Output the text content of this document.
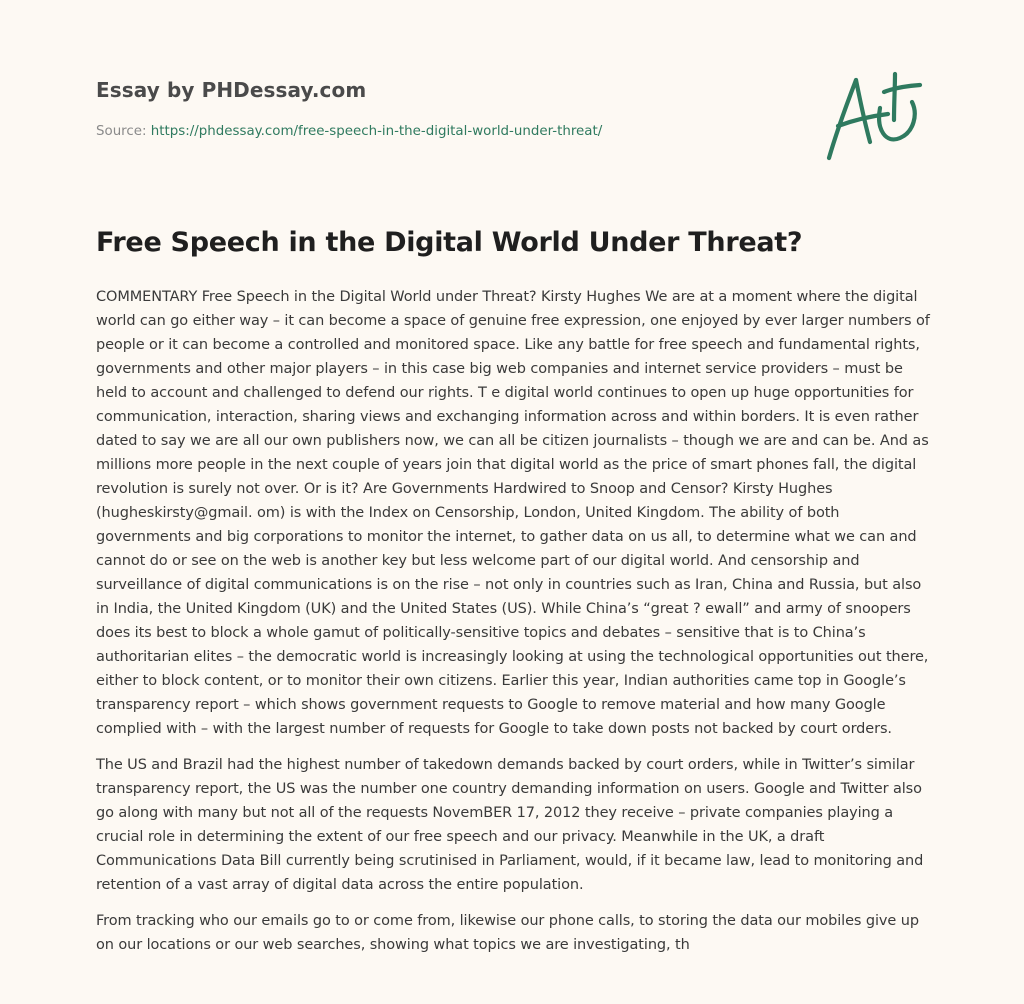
Essay by PHDessay.com
Source: https://phdessay.com/free-speech-in-the-digital-world-under-threat/
Free Speech in the Digital World Under Threat?

COMMENTARY Free Speech in the Digital World under Threat? Kirsty Hughes We are at a moment where the digital world can go either way – it can become a space of genuine free expression, one enjoyed by ever larger numbers of people or it can become a controlled and monitored space. Like any battle for free speech and fundamental rights, governments and other major players – in this case big web companies and internet service providers – must be held to account and challenged to defend our rights. T e digital world continues to open up huge opportunities for communication, interaction, sharing views and exchanging information across and within borders. It is even rather dated to say we are all our own publishers now, we can all be citizen journalists – though we are and can be. And as millions more people in the next couple of years join that digital world as the price of smart phones fall, the digital revolution is surely not over. Or is it? Are Governments Hardwired to Snoop and Censor? Kirsty Hughes (hugheskirsty@gmail. om) is with the Index on Censorship, London, United Kingdom. The ability of both governments and big corporations to monitor the internet, to gather data on us all, to determine what we can and cannot do or see on the web is another key but less welcome part of our digital world. And censorship and surveillance of digital communications is on the rise – not only in countries such as Iran, China and Russia, but also in India, the United Kingdom (UK) and the United States (US). While China’s “great ? ewall” and army of snoopers does its best to block a whole gamut of politically-sensitive topics and debates – sensitive that is to China’s authoritarian elites – the democratic world is increasingly looking at using the technological opportunities out there, either to block content, or to monitor their own citizens. Earlier this year, Indian authorities came top in Google’s transparency report – which shows government requests to Google to remove material and how many Google complied with – with the largest number of requests for Google to take down posts not backed by court orders.

The US and Brazil had the highest number of takedown demands backed by court orders, while in Twitter’s similar transparency report, the US was the number one country demanding information on users. Google and Twitter also go along with many but not all of the requests NovemBER 17, 2012 they receive – private companies playing a crucial role in determining the extent of our free speech and our privacy. Meanwhile in the UK, a draft Communications Data Bill currently being scrutinised in Parliament, would, if it became law, lead to monitoring and retention of a vast array of digital data across the entire population.

From tracking who our emails go to or come from, likewise our phone calls, to storing the data our mobiles give up on our locations or our web searches, showing what topics we are investigating, th
